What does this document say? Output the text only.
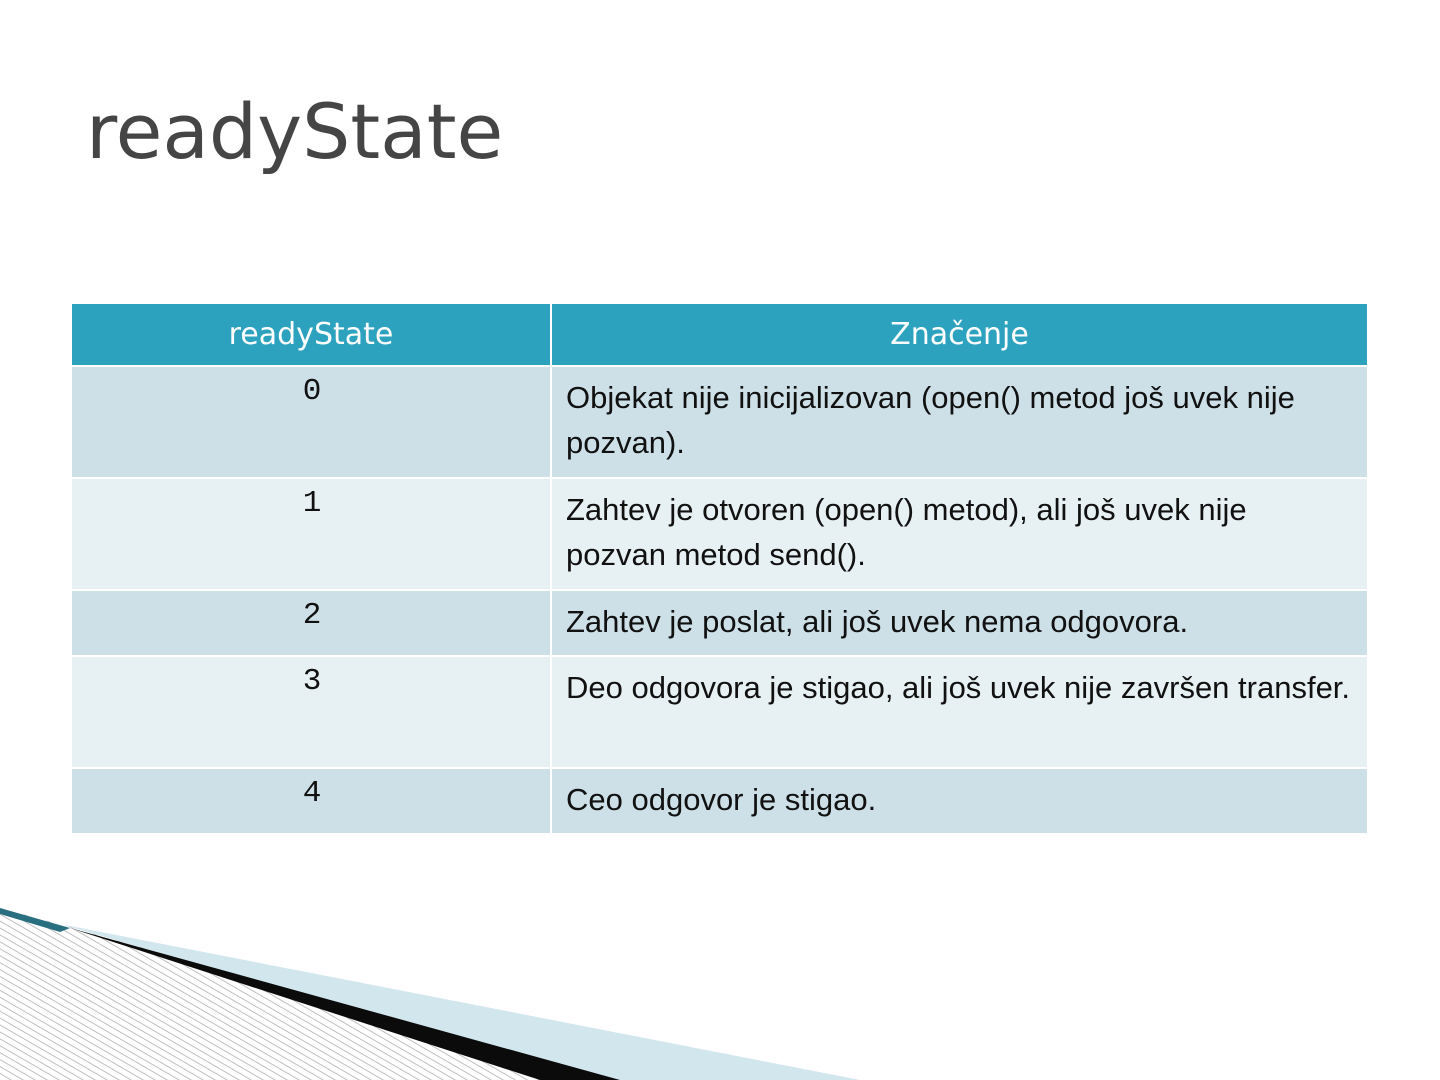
readyState
readyState	Značenje
0	Objekat nije inicijalizovan (open() metod još uvek nije pozvan).
1	Zahtev je otvoren (open() metod), ali još uvek nije pozvan metod send().
2	Zahtev je poslat, ali još uvek nema odgovora.
3	Deo odgovora je stigao, ali još uvek nije završen transfer.
4	Ceo odgovor je stigao.
